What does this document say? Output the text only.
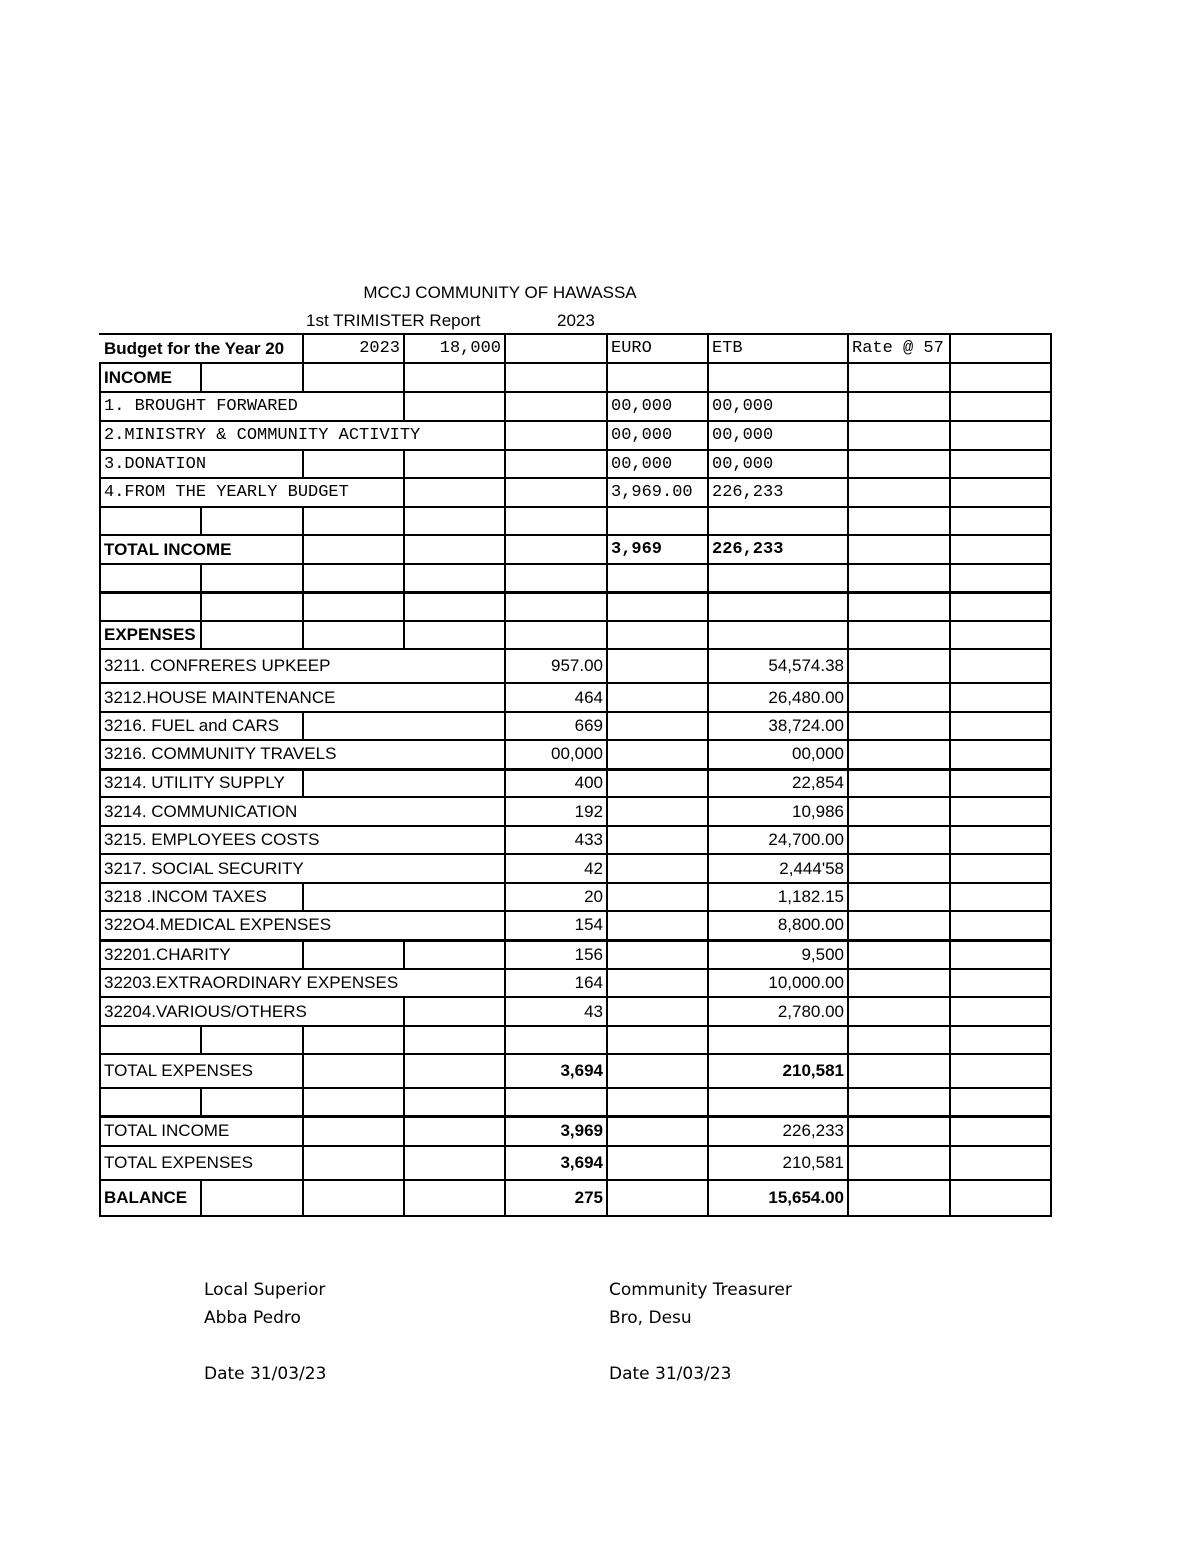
MCCJ COMMUNITY OF HAWASSA
1st TRIMISTER Report	2023
Budget for the Year 20		2023	18,000		EURO	ETB	Rate @ 57	
INCOME								
1. BROUGHT FORWARED					00,000	00,000		
2.MINISTRY & COMMUNITY ACTIVITY					00,000	00,000		
3.DONATION					00,000	00,000		
4.FROM THE YEARLY BUDGET					3,969.00	226,233		

TOTAL INCOME					3,969	226,233		

EXPENSES								
3211. CONFRERES UPKEEP				957.00		54,574.38		
3212.HOUSE MAINTENANCE				464		26,480.00		
3216. FUEL and CARS				669		38,724.00		
3216. COMMUNITY TRAVELS				00,000		00,000		
3214. UTILITY SUPPLY				400		22,854		
3214. COMMUNICATION				192		10,986		
3215. EMPLOYEES COSTS				433		24,700.00		
3217. SOCIAL SECURITY				42		2,444'58		
3218 .INCOM TAXES				20		1,182.15		
322O4.MEDICAL EXPENSES				154		8,800.00		
32201.CHARITY				156		9,500		
32203.EXTRAORDINARY EXPENSES				164		10,000.00		
32204.VARIOUS/OTHERS				43		2,780.00		

TOTAL EXPENSES				3,694		210,581		

TOTAL INCOME				3,969		226,233		
TOTAL EXPENSES				3,694		210,581		
BALANCE				275		15,654.00		
Local Superior
Abba Pedro
Date 31/03/23
Community Treasurer
Bro, Desu
Date 31/03/23
